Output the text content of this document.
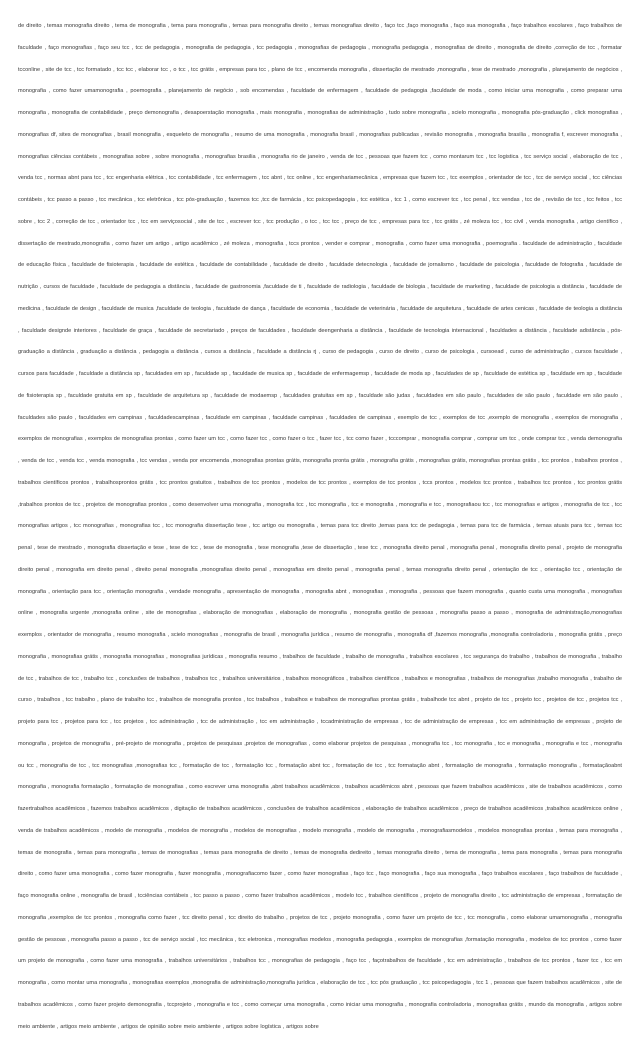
de direito , temas monografia direito , tema de monografia , tema para monografia , temas para monografia direito , temas monografias direito , faço tcc ,faço monografia , faço sua monografia , faço trabalhos escolares , faço trabalhos de faculdade , faço monografias , faço seu tcc , tcc de pedagogia , monografia de pedagogia , tcc pedagogia , monografias de pedagogia , monografia pedagogia , monografias de direito , monografia de direito ,correção de tcc , formatar tcconline , site de tcc , tcc formatado , tcc tcc , elaborar tcc , o tcc , tcc grátis , empresas para tcc , plano de tcc , encomenda monografia , dissertação de mestrado ,monografia , tese de mestrado ,monografia , planejamento de negócios , monografia , como fazer umamonografia , poemografia , planejamento de negócio , sob encomendas , faculdade de enfermagem , faculdade de pedagogia ,faculdade de moda , como iniciar uma monografia , como preparar uma monografia , monografia de contabilidade , preço demonografia , desapoerstação monografia , mais monografia , monografias de administração , tudo sobre monografia , scielo monografia , monografia pós-graduação , click monografias , monografias df, sites de monografias , brasil monografia , esqueleto de monografia , resumo de uma monografia , monografia brasil , monografias publicadas , revisão monografia , monografia brasilia , monografia f, escrever monografia , monografias ciências contábeis , monografias sobre , sobre monografia , monografias brasilia , monografia rio de janeiro , venda de tcc , pessoas que fazem tcc , como montarum tcc , tcc logistica , tcc serviço social , elaboração de tcc , venda tcc , normas abnt para tcc , tcc engenharia elétrica , tcc contabilidade , tcc enfermagem , tcc abnt , tcc online , tcc engenhariamecânica , empresas que fazem tcc , tcc exemplos , orientador de tcc , tcc de serviço social , tcc ciências contábeis , tcc passo a passo , tcc mecânica , tcc eletrônica , tcc pós-graduação , fazemos tcc ,tcc de farmácia , tcc psicopedagogia , tcc estética , tcc 1 , como escrever tcc , tcc penal , tcc vendas , tcc de , revisão de tcc , tcc feitos , tcc sobre , tcc 2 , correção de tcc , orientador tcc , tcc em serviçosocial , site de tcc , escrever tcc , tcc produção , o tcc , tcc tcc , preço de tcc , empresas para tcc , tcc grátis , zé moleza tcc , tcc civil , venda monografia , artigo científico , dissertação de mestrado,monografia , como fazer um artigo , artigo acadêmico , zé moleza , monografia , tccs prontos , vender e comprar , monografia , como fazer uma monografia , poemografia . faculdade de administração , faculdade de educação física , faculdade de fisioterapia , faculdade de estética , faculdade de contabilidade , faculdade de direito , faculdade detecnologia , faculdade de jornalismo , faculdade de psicologia , faculdade de fotografia , faculdade de nutrição , cursos de faculdade , faculdade de pedagogia a distância , faculdade de gastronomia ,faculdade de ti , faculdade de radiologia , faculdade de biologia , faculdade de marketing , faculdade de psicologia a distância , faculdade de medicina , faculdade de design , faculdade de musica ,faculdade de teologia , faculdade de dança , faculdade de economia , faculdade de veterinária , faculdade de arquitetura , faculdade de artes cenicas , faculdade de teologia a distância , faculdade designde interiores , faculdade de graça , faculdade de secretariado , preços de faculdades , faculdade deengenharia a distância , faculdade de tecnologia internacional , faculdades a distância , faculdade adistância , pós-graduação a distância , graduação a distância , pedagogia a distância , cursos a distância , faculdade a distância rj , curso de pedagogia , curso de direito , curso de psicologia , cursoead , curso de administração , cursos faculdade , cursos para faculdade , faculdade a distância sp , faculdades em sp , faculdade sp , faculdade de musica sp , faculdade de enfermagemsp , faculdade de moda sp , faculdades de sp , faculdade de estética sp , faculdade em sp , faculdade de fisioterapia sp , faculdade gratuita em sp , faculdade de arquitetura sp , faculdade de modaemsp , faculdades gratuitas em sp , faculdade são judas , faculdades em são paulo , faculdades de são paulo , faculdade em são paulo , faculdades são paulo , faculdades em campinas , faculdadescampinas , faculdade em campinas , faculdade campinas , faculdades de campinas , exemplo de tcc , exemplos de tcc ,exemplo de monografia , exemplos de monografia , exemplos de monografias , exemplos de monografias prontas , como fazer um tcc , como fazer tcc , como fazer o tcc , fazer tcc , tcc como fazer , tcccomprar , monografia comprar , comprar um tcc , onde comprar tcc , venda demonografia , venda de tcc , venda tcc , venda monografia , tcc vendas , venda por encomenda ,monografias prontas grátis, monografia pronta grátis , monografia grátis , monografias grátis, monografias prontas grátis , tcc prontos , trabalhos prontos , trabalhos científicos prontos , trabalhosprontos grátis , tcc prontos gratuitos , trabalhos de tcc prontos , modelos de tcc prontos , exemplos de tcc prontos , tccs prontos , modelos tcc prontos , trabalhos tcc prontos , tcc prontos grátis ,trabalhos prontos de tcc , projetos de monografias prontos , como desenvolver uma monografia , monografia tcc , tcc monografia , tcc e monografia , monografia e tcc , monografiaou tcc , tcc monografias e artigos , monografia de tcc , tcc monografias artigos , tcc monografias , monografias tcc , tcc monografia dissertação tese , tcc artigo ou monografia , temas para tcc direito ,temas para tcc de pedagogia , temas para tcc de farmácia , temas atuais para tcc , temas tcc penal , tese de mestrado , monografia dissertação e tese , tese de tcc , tese de monografia , tese monografia ,tese de dissertação , tese tcc , monografia direito penal , monografia penal , monografia direito penal , projeto de monografia direito penal , monografia em direito penal , direito penal monografia ,monografias direito penal , monografias em direito penal , monografia penal , temas monografia direito penal , orientação de tcc , orientação tcc , orientação de monografia , orientação para tcc , orientação monografia , vendade monografia , apresentação de monografia , monografia abnt , monografias , monografia , pessoas que fazem monografia , quanto custa uma monografia , monografias online , monografia urgente ,monografia online , site de monografias , elaboração de monografias , elaboração de monografia , monografia gestão de pessoas , monografia passo a passo , monografia de administração,monografias exemplos , orientador de monografia , resumo monografia , scielo monografias , monografia de brasil , monografia jurídica , resumo de monografia , monografia df ,fazemos monografia ,monografia controladoria , monografia grátis , preço monografia , monografias grátis , monografia monografias , monografias jurídicas , monografia resumo , trabalhos de faculdade , trabalho de monografia , trabalhos escolares , tcc segurança do trabalho , trabalhos de monografia , trabalho de tcc , trabalhos de tcc , trabalho tcc , conclusões de trabalhos , trabalhos tcc , trabalhos universitários , trabalhos monográficos , trabalhos científicos , trabalhos e monografias , trabalhos de monografias ,trabalho monografia , trabalho de curso , trabalhos , tcc trabalho , plano de trabalho tcc , trabalhos de monografia prontos , tcc trabalhos , trabalhos e trabalhos de monografias prontas grátis , trabalhode tcc abnt , projeto de tcc , projeto tcc , projetos de tcc , projetos tcc , projeto para tcc , projetos para tcc , tcc projetos , tcc administração , tcc de administração , tcc em administração , tccadministração de empresas , tcc de administração de empresas , tcc em administração de empresas , projeto de monografia , projetos de monografia , pré-projeto de monografia , projetos de pesquisas ,projetos de monografias , como elaborar projetos de pesquisas , monografia tcc , tcc monografia , tcc e monografia , monografia e tcc , monografia ou tcc , monografia de tcc , tcc monografias ,monografias tcc , formatação de tcc , formatação tcc , formatação abnt tcc , formatação de tcc , tcc formatação abnt , formatação de monografia , formatação monografia , formataçãoabnt monografia , monografia formatação , formatação de monografias , como escrever uma monografia ,abnt trabalhos acadêmicos , trabalhos acadêmicos abnt , pessoas que fazem trabalhos acadêmicos , site de trabalhos acadêmicos , como fazertrabalhos acadêmicos , fazemos trabalhos acadêmicos , digitação de trabalhos acadêmicos , conclusões de trabalhos acadêmicos , elaboração de trabalhos acadêmicos , preço de trabalhos acadêmicos ,trabalhos acadêmicos online , venda de trabalhos acadêmicos , modelo de monografia , modelos de monografia , modelos de monografias , modelo monografia , modelo de monografia , monografiasmodelos , modelos monografias prontas , temas para monografia , temas de monografia , temas para monografia , temas de monografias , temas para monografia de direito , temas de monografia dedireito , temas monografia direito , tema de monografia , tema para monografia , temas para monografia direito , como fazer uma monografia , como fazer monografia , fazer monografia , monografiacomo fazer , como fazer monografias , faço tcc , faço monografia , faço sua monografia , faço trabalhos escolares , faço trabalhos de faculdade , faço monografia online , monografia de brasil , tcciências contábeis , tcc passo a passo , como fazer trabalhos acadêmicos , modelo tcc , trabalhos científicos , projeto de monografia direito , tcc administração de empresas , formatação de monografia ,exemplos de tcc prontos , monografia como fazer , tcc direito penal , tcc direito do trabalho , projetos de tcc , projeto monografia , como fazer um projeto de tcc , tcc monografia , como elaborar umamonografia , monografia gestão de pessoas , monografia passo a passo , tcc de serviço social , tcc mecânica , tcc eletronica , monografias modelos , monografia pedagogia , exemplos de monografias ,formatação monografia , modelos de tcc prontos , como fazer um projeto de monografia , como fazer uma monografia , trabalhos universitários , trabalhos tcc , monografias de pedagogia , faço tcc , façotrabalhos de faculdade , tcc em administração , trabalhos de tcc prontos , fazer tcc , tcc em monografia , como montar uma monografia , monografias exemplos ,monografia de administração,monografia jurídica , elaboração de tcc , tcc pós graduação , tcc psicopedagogia , tcc 1 , pessoas que fazem trabalhos acadêmicos , site de trabalhos acadêmicos , como fazer projeto demonografia , tccprojeto , monografia e tcc , como começar uma monografia , como iniciar uma monografia , monografia controladoria , monografias grátis , mundo da monografia , artigos sobre meio ambiente , artigos meio ambiente , artigos de opinião sobre meio ambiente , artigos sobre logística , artigos sobre
